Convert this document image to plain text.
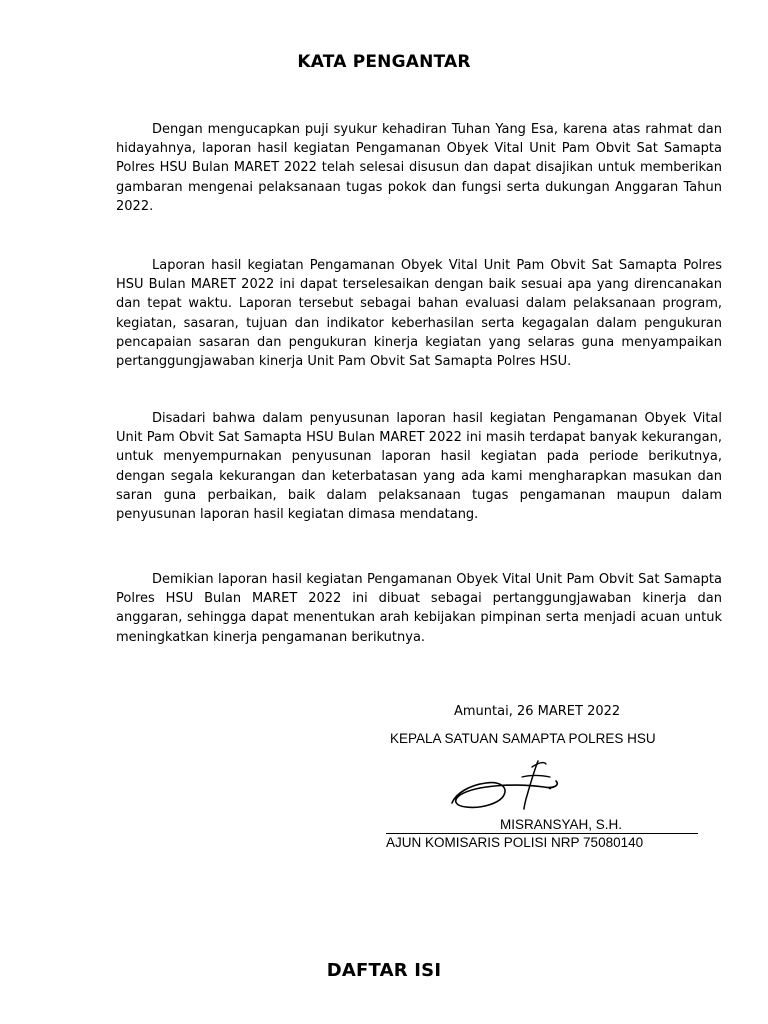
KATA PENGANTAR

Dengan mengucapkan puji syukur kehadiran Tuhan Yang Esa, karena atas rahmat dan hidayahnya, laporan hasil kegiatan Pengamanan Obyek Vital Unit Pam Obvit Sat Samapta Polres HSU Bulan MARET 2022 telah selesai disusun dan dapat disajikan untuk memberikan gambaran mengenai pelaksanaan tugas pokok dan fungsi serta dukungan Anggaran Tahun 2022.

Laporan hasil kegiatan Pengamanan Obyek Vital Unit Pam Obvit Sat Samapta Polres HSU Bulan MARET 2022 ini dapat terselesaikan dengan baik sesuai apa yang direncanakan dan tepat waktu. Laporan tersebut sebagai bahan evaluasi dalam pelaksanaan program, kegiatan, sasaran, tujuan dan indikator keberhasilan serta kegagalan dalam pengukuran pencapaian sasaran dan pengukuran kinerja kegiatan yang selaras guna menyampaikan pertanggungjawaban kinerja Unit Pam Obvit Sat Samapta Polres HSU.

Disadari bahwa dalam penyusunan laporan hasil kegiatan Pengamanan Obyek Vital Unit Pam Obvit Sat Samapta HSU Bulan MARET 2022 ini masih terdapat banyak kekurangan, untuk menyempurnakan penyusunan laporan hasil kegiatan pada periode berikutnya, dengan segala kekurangan dan keterbatasan yang ada kami mengharapkan masukan dan saran guna perbaikan, baik dalam pelaksanaan tugas pengamanan maupun dalam penyusunan laporan hasil kegiatan dimasa mendatang.

Demikian laporan hasil kegiatan Pengamanan Obyek Vital Unit Pam Obvit Sat Samapta Polres HSU Bulan MARET 2022 ini dibuat sebagai pertanggungjawaban kinerja dan anggaran, sehingga dapat menentukan arah kebijakan pimpinan serta menjadi acuan untuk meningkatkan kinerja pengamanan berikutnya.

Amuntai, 26 MARET 2022
KEPALA SATUAN SAMAPTA POLRES HSU
MISRANSYAH, S.H.
AJUN KOMISARIS POLISI NRP 75080140
DAFTAR ISI
